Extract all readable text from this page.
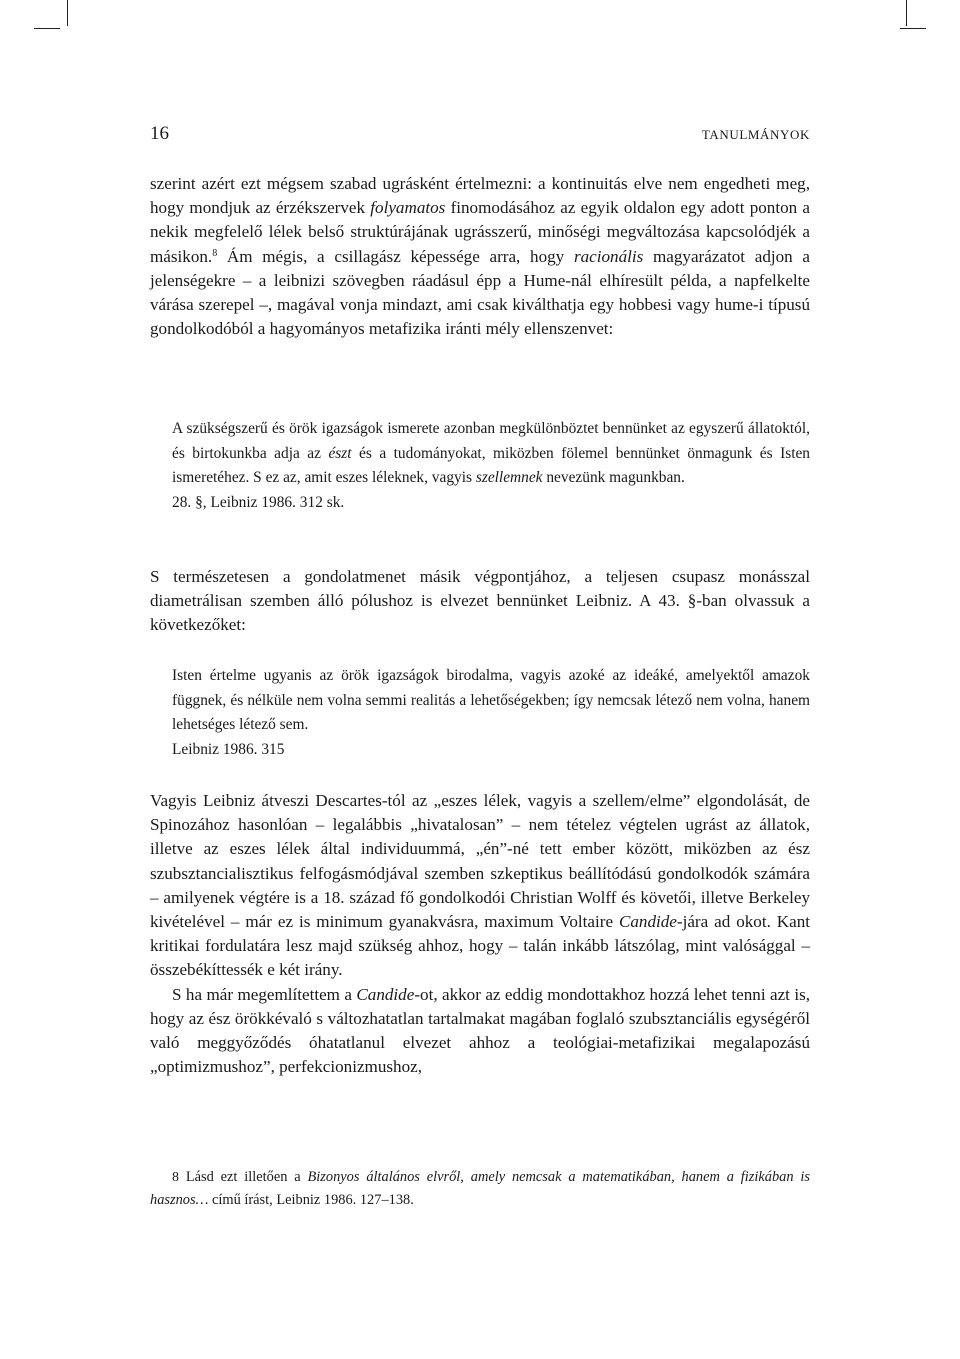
16	TANULMÁNYOK

szerint azért ezt mégsem szabad ugrásként értelmezni: a kontinuitás elve nem engedheti meg, hogy mondjuk az érzékszervek folyamatos finomodásához az egyik oldalon egy adott ponton a nekik megfelelő lélek belső struktúrájának ugrásszerű, minőségi megváltozása kapcsolódjék a másikon.$^8$ Ám mégis, a csillagász képessége arra, hogy racionális magyarázatot adjon a jelenségekre – a leibnizi szövegben ráadásul épp a Hume-nál elhíresült példa, a napfelkelte várása szerepel –, magával vonja mindazt, ami csak kiválthatja egy hobbesi vagy hume-i típusú gondolkodóból a hagyományos metafizika iránti mély ellenszenvet:

A szükségszerű és örök igazságok ismerete azonban megkülönböztet bennünket az egyszerű állatoktól, és birtokunkba adja az észt és a tudományokat, miközben fölemel bennünket önmagunk és Isten ismeretéhez. S ez az, amit eszes léleknek, vagyis szellemnek nevezünk magunkban.

28. §, Leibniz 1986. 312 sk.

S természetesen a gondolatmenet másik végpontjához, a teljesen csupasz monásszal diametrálisan szemben álló pólushoz is elvezet bennünket Leibniz. A 43. §-ban olvassuk a következőket:

Isten értelme ugyanis az örök igazságok birodalma, vagyis azoké az ideáké, amelyektől amazok függnek, és nélküle nem volna semmi realitás a lehetőségekben; így nemcsak létező nem volna, hanem lehetséges létező sem.

Leibniz 1986. 315

Vagyis Leibniz átveszi Descartes-tól az „eszes lélek, vagyis a szellem/elme” elgondolását, de Spinozához hasonlóan – legalábbis „hivatalosan” – nem tételez végtelen ugrást az állatok, illetve az eszes lélek által individuummá, „én”-né tett ember között, miközben az ész szubsztancialisztikus felfogásmódjával szemben szkeptikus beállítódású gondolkodók számára – amilyenek végtére is a 18. század fő gondolkodói Christian Wolff és követői, illetve Berkeley kivételével – már ez is minimum gyanakvásra, maximum Voltaire Candide-jára ad okot. Kant kritikai fordulatára lesz majd szükség ahhoz, hogy – talán inkább látszólag, mint valósággal – összebékíttessék e két irány.

S ha már megemlítettem a Candide-ot, akkor az eddig mondottakhoz hozzá lehet tenni azt is, hogy az ész örökkévaló s változhatatlan tartalmakat magában foglaló szubsztanciális egységéről való meggyőződés óhatatlanul elvezet ahhoz a teológiai-metafizikai megalapozású „optimizmushoz”, perfekcionizmushoz,

8 Lásd ezt illetően a Bizonyos általános elvről, amely nemcsak a matematikában, hanem a fizikában is hasznos… című írást, Leibniz 1986. 127–138.
